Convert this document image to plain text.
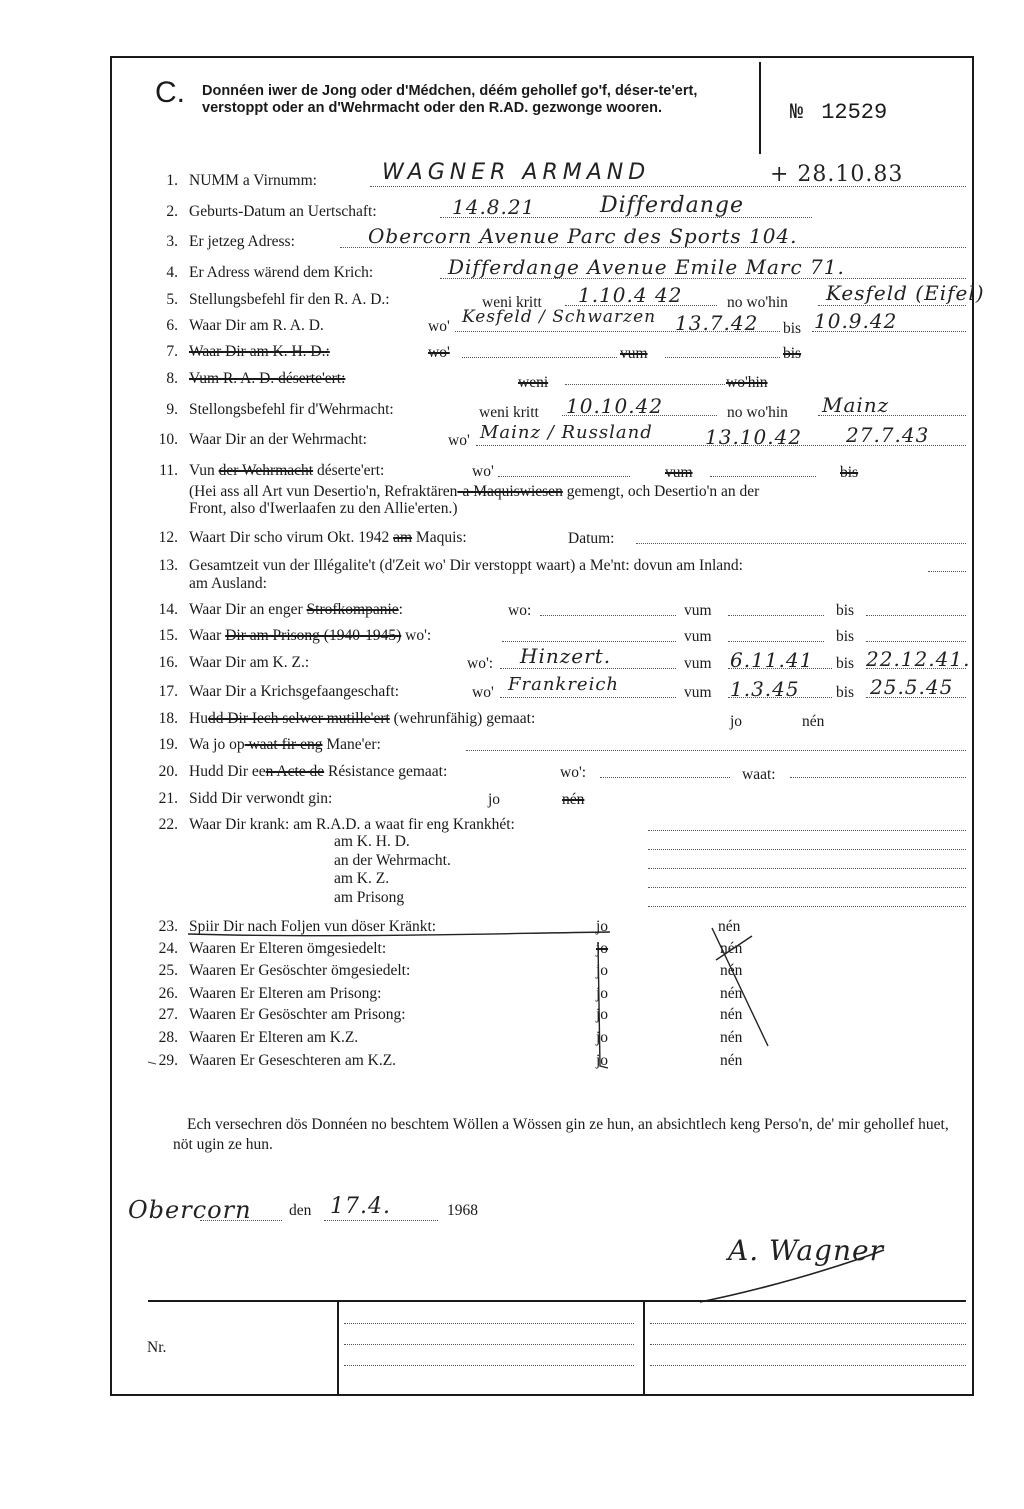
C. Donnéen iwer de Jong oder d'Médchen, déém gehollef go'f, déser-te'ert, verstoppt oder an d'Wehrmacht oder den R.AD. gezwonge wooren.	№ 12529
1. NUMM a Virnumm:	WAGNER ARMAND	+ 28.10.83
2. Geburts-Datum an Uertschaft:	14.8.21	Differdange
3. Er jetzeg Adress:	Obercorn Avenue Parc des Sports 104.
4. Er Adress wärend dem Krich:	Differdange Avenue Emile Marc 71.
5. Stellungsbefehl fir den R. A. D.:	weni kritt 1.10.4 42	no wo'hin Kesfeld (Eifel)
6. Waar Dir am R. A. D.	wo' Kesfeld / Schwarzen 13.7.42 bis 10.9.42
7. Waar Dir am K. H. D.:	wo'	vum	bis
8. Vum R. A. D. déserte'ert:	weni	wo'hin
9. Stellongsbefehl fir d'Wehrmacht:	weni kritt 10.10.42	no wo'hin Mainz
10. Waar Dir an der Wehrmacht:	wo' Mainz / Russland	13.10.42 27.7.43
11. Vun der Wehrmacht déserte'ert:	wo'	vum	bis
(Hei ass all Art vun Desertio'n, Refraktären-a Maquiswiesen gemengt, och Desertio'n an der
Front, also d'Iwerlaafen zu den Allie'erten.)
12. Waart Dir scho virum Okt. 1942 am Maquis:	Datum:
13. Gesamtzeit vun der Illégalite't (d'Zeit wo' Dir verstoppt waart) a Me'nt: dovun am Inland:
am Ausland:
14. Waar Dir an enger Strofkompanie:	wo:	vum	bis
15. Waar Dir am Prisong (1940-1945) wo':	vum	bis
16. Waar Dir am K. Z.:	wo': Hinzert.	vum 6.11.41 bis 22.12.41.
17. Waar Dir a Krichsgefaangeschaft:	wo' Frankreich	vum 1.3.45 bis 25.5.45
18. Hudd Dir Iech selwer mutille'ert (wehrunfähig) gemaat:	jo	nén
19. Wa jo op waat fir eng Mane'er:
20. Hudd Dir een Acte de Résistance gemaat:	wo':	waat:
21. Sidd Dir verwondt gin:	jo	nén
22. Waar Dir krank: am R.A.D. a waat fir eng Krankhét:
am K. H. D.
an der Wehrmacht.
am K. Z.
am Prisong
23. Spiir Dir nach Foljen vun döser Kränkt:	jo	nén
24. Waaren Er Elteren ömgesiedelt:	jo	nén
25. Waaren Er Gesöschter ömgesiedelt:	jo	nén
26. Waaren Er Elteren am Prisong:	jo	nén
27. Waaren Er Gesöschter am Prisong:	jo	nén
28. Waaren Er Elteren am K.Z.	jo	nén
29. Waaren Er Geseschteren am K.Z.	jo	nén
Ech versechren dös Donnéen no beschtem Wöllen a Wössen gin ze hun, an absichtlech keng Perso'n, de' mir gehollef huet, nöt ugin ze hun.
Obercorn den 17.4.	1968
A. Wagner
Nr.
